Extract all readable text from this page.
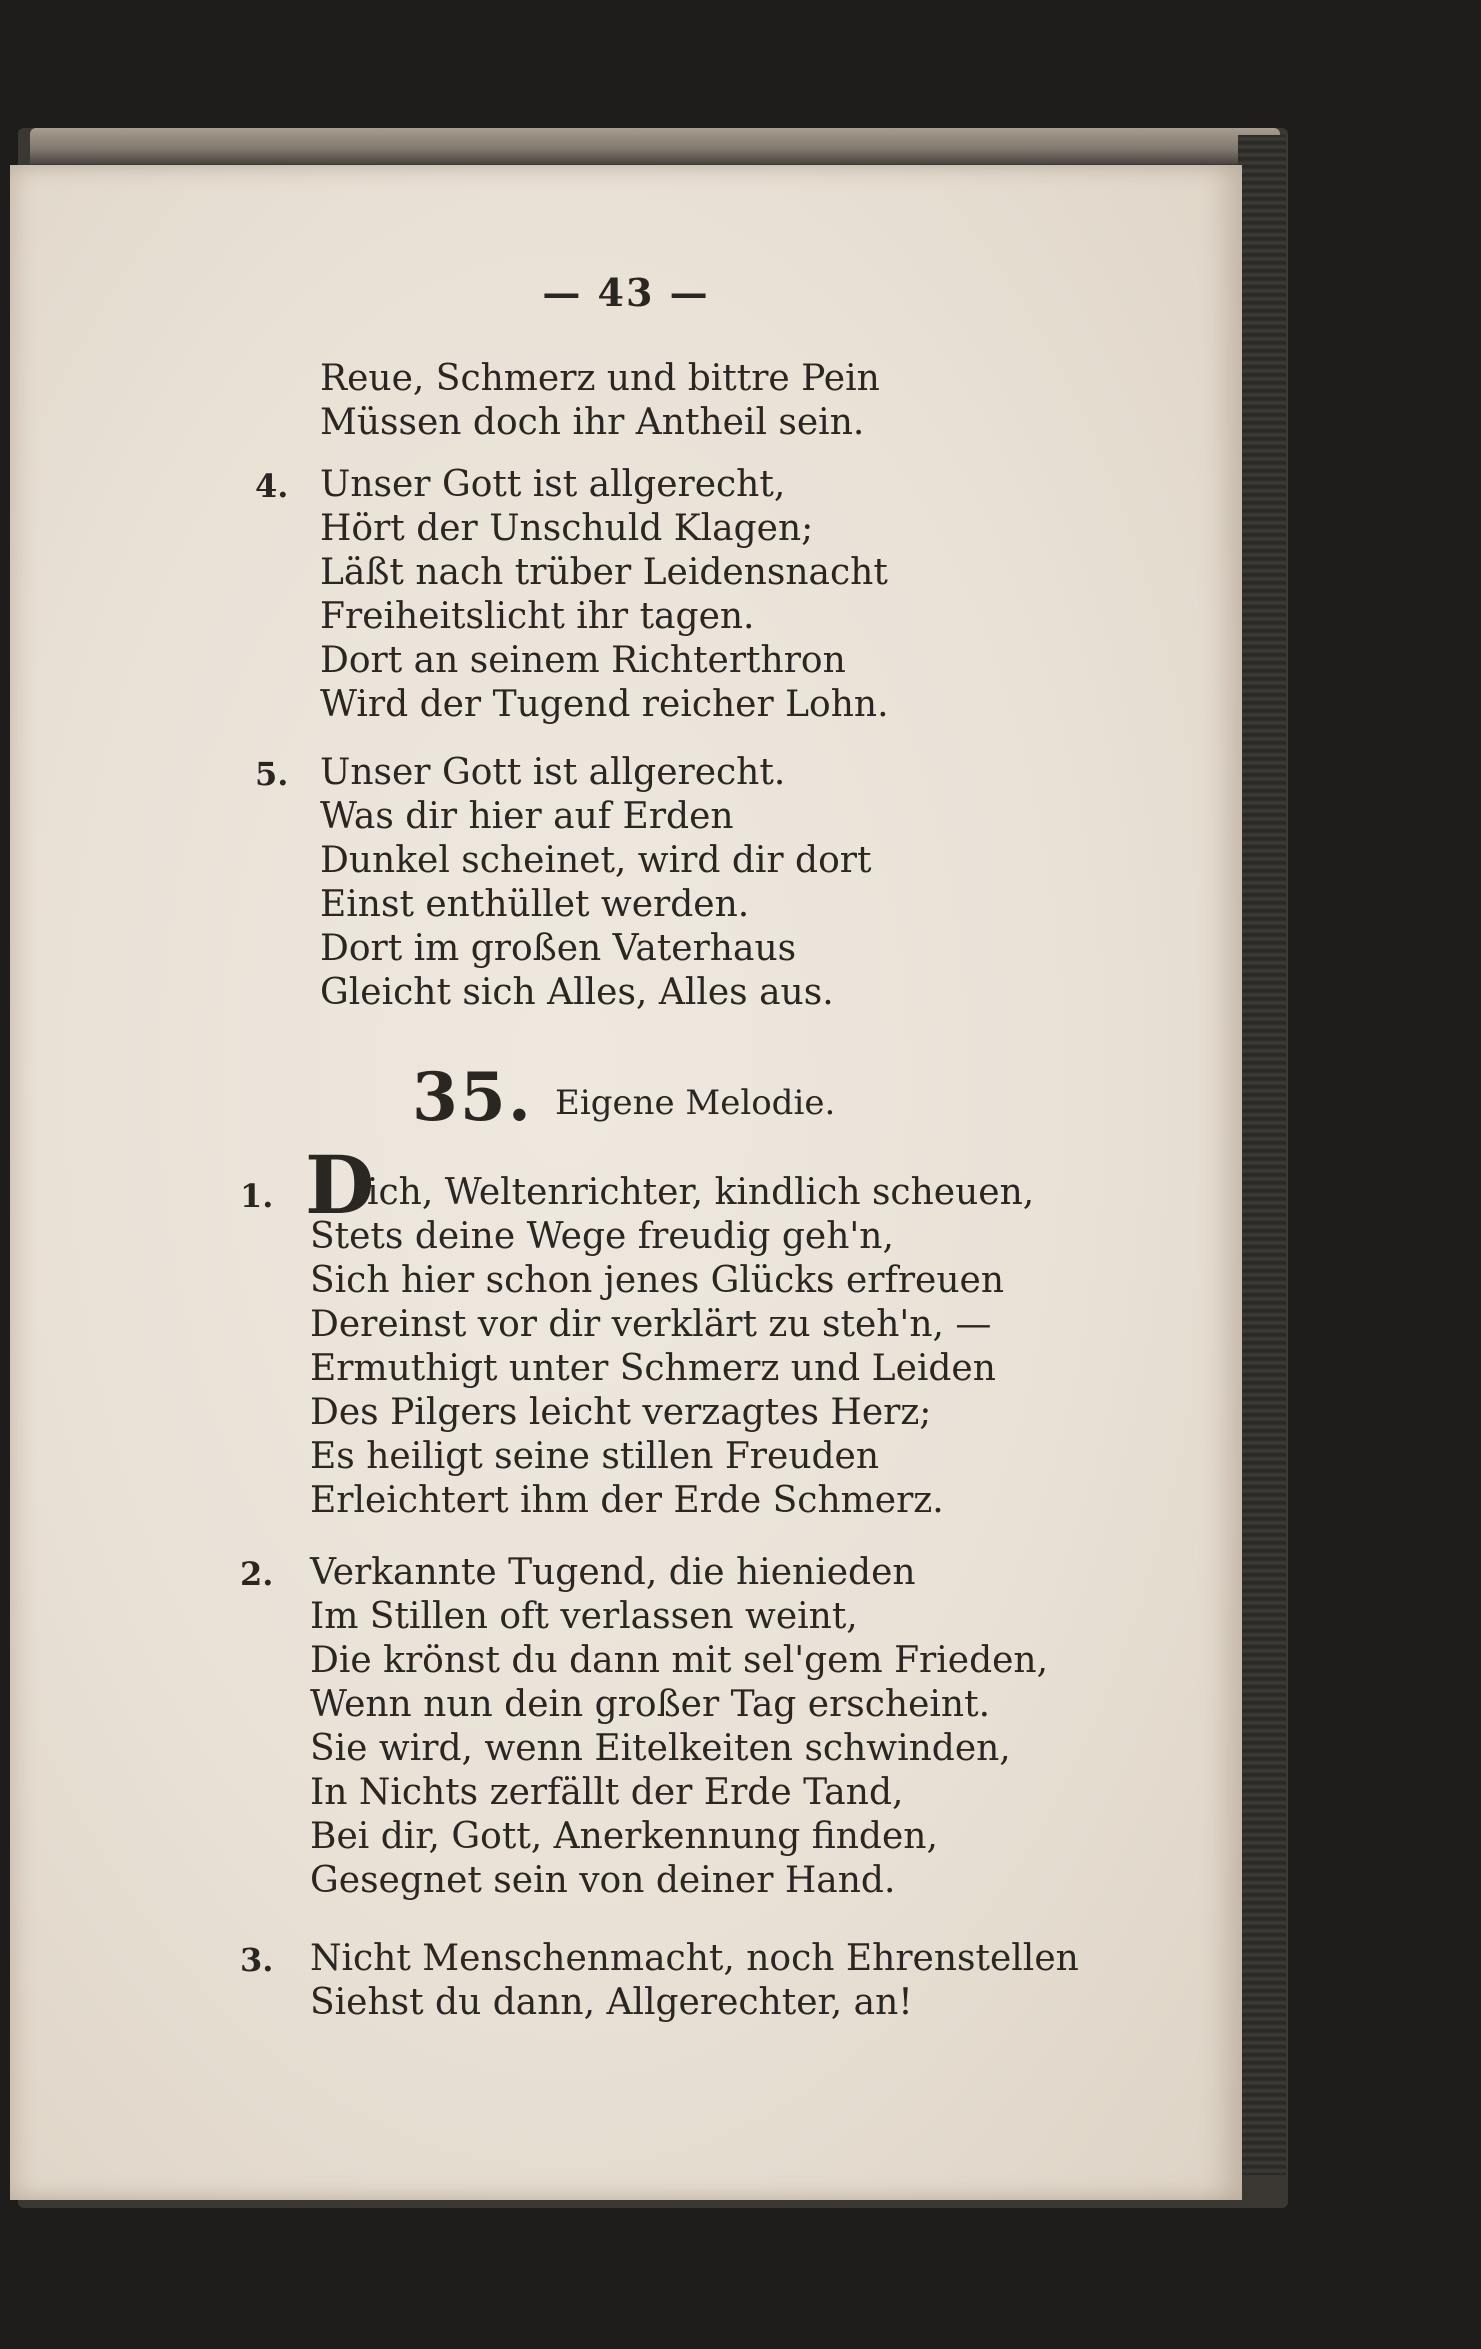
— 43 —
Reue, Schmerz und bittre Pein
Müssen doch ihr Antheil sein.
4. Unser Gott ist allgerecht,
Hört der Unschuld Klagen;
Läßt nach trüber Leidensnacht
Freiheitslicht ihr tagen.
Dort an seinem Richterthron
Wird der Tugend reicher Lohn.
5. Unser Gott ist allgerecht.
Was dir hier auf Erden
Dunkel scheinet, wird dir dort
Einst enthüllet werden.
Dort im großen Vaterhaus
Gleicht sich Alles, Alles aus.
35. Eigene Melodie.
1. D
ich, Weltenrichter, kindlich scheuen,
Stets deine Wege freudig geh'n,
Sich hier schon jenes Glücks erfreuen
Dereinst vor dir verklärt zu steh'n, —
Ermuthigt unter Schmerz und Leiden
Des Pilgers leicht verzagtes Herz;
Es heiligt seine stillen Freuden
Erleichtert ihm der Erde Schmerz.
2. Verkannte Tugend, die hienieden
Im Stillen oft verlassen weint,
Die krönst du dann mit sel'gem Frieden,
Wenn nun dein großer Tag erscheint.
Sie wird, wenn Eitelkeiten schwinden,
In Nichts zerfällt der Erde Tand,
Bei dir, Gott, Anerkennung finden,
Gesegnet sein von deiner Hand.
3. Nicht Menschenmacht, noch Ehrenstellen
Siehst du dann, Allgerechter, an!
